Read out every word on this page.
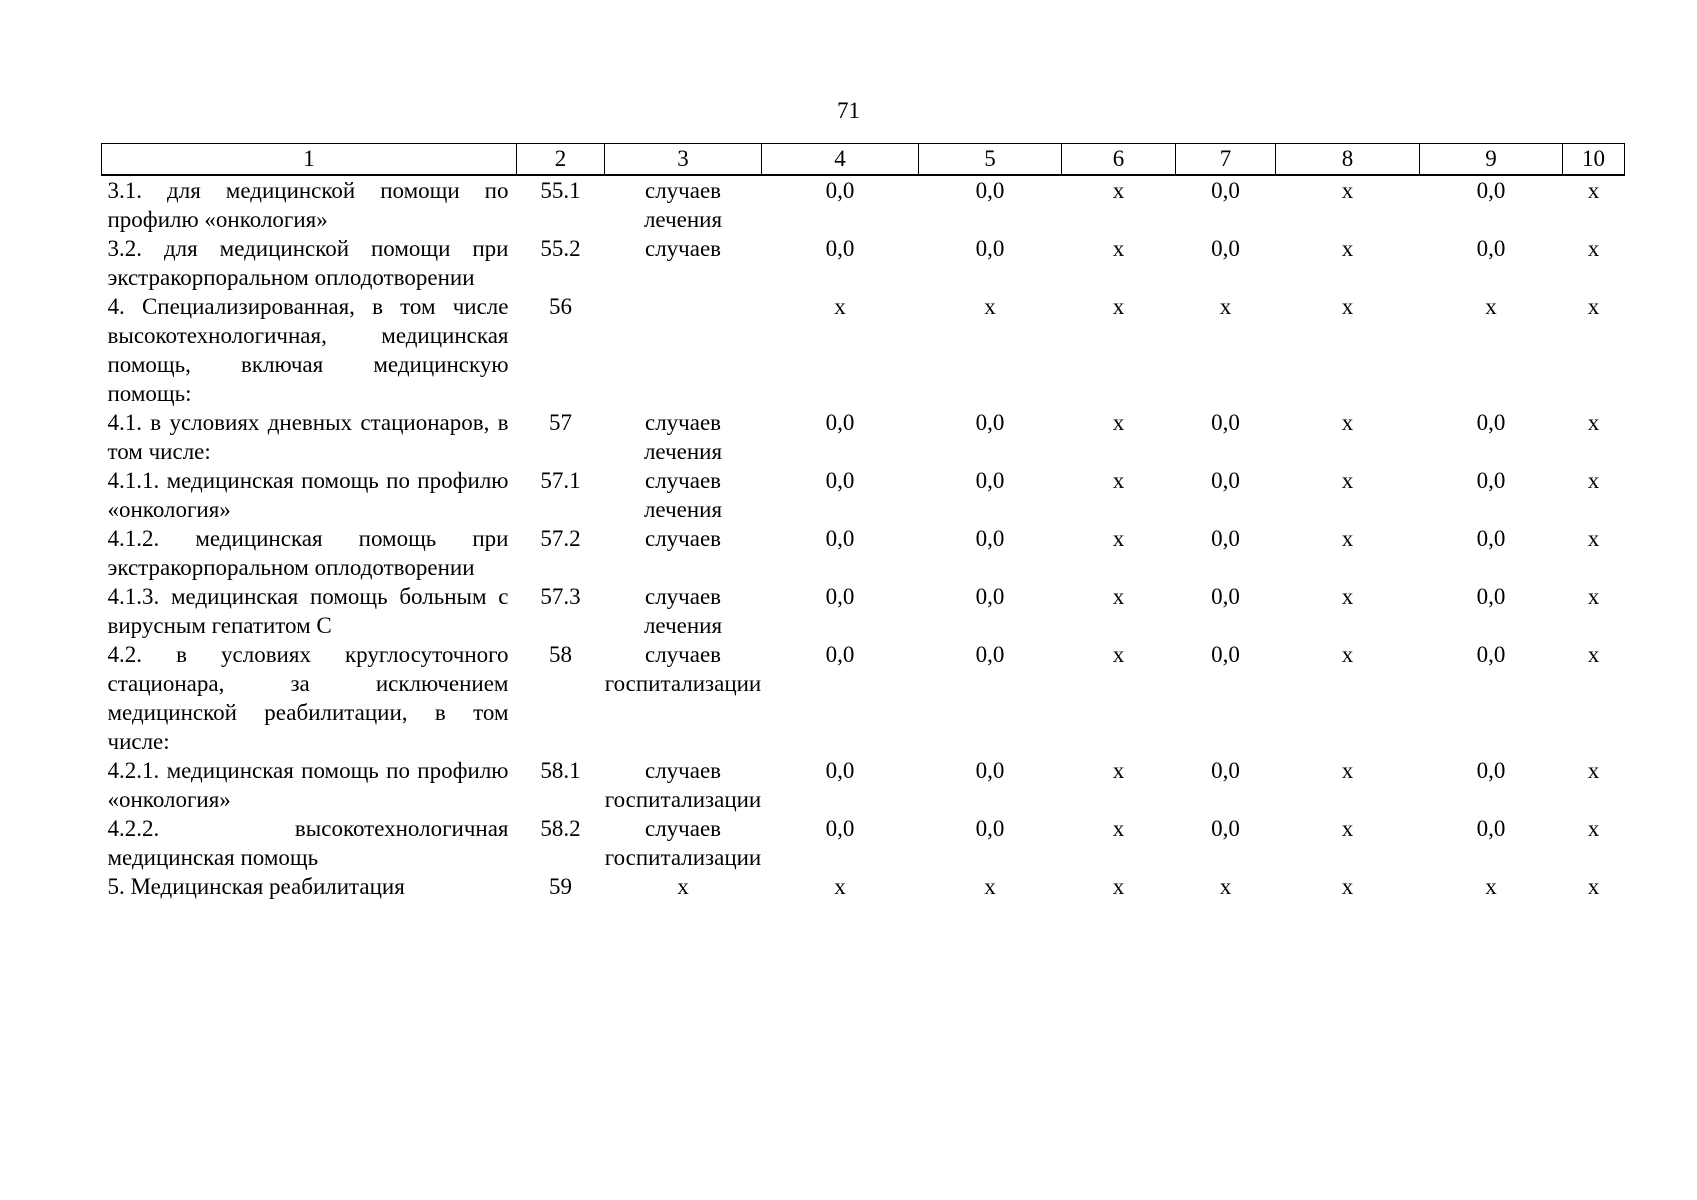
71
1	2	3	4	5	6	7	8	9	10
3.1. для медицинской помощи по профилю «онкология»	55.1	случаев лечения	0,0	0,0	х	0,0	х	0,0	х
3.2. для медицинской помощи при экстракорпоральном оплодотворении	55.2	случаев	0,0	0,0	х	0,0	х	0,0	х
4. Специализированная, в том числе высокотехнологичная, медицинская помощь, включая медицинскую помощь:	56		х	х	х	х	х	х	х
4.1. в условиях дневных стационаров, в том числе:	57	случаев лечения	0,0	0,0	х	0,0	х	0,0	х
4.1.1. медицинская помощь по профилю «онкология»	57.1	случаев лечения	0,0	0,0	х	0,0	х	0,0	х
4.1.2. медицинская помощь при экстракорпоральном оплодотворении	57.2	случаев	0,0	0,0	х	0,0	х	0,0	х
4.1.3. медицинская помощь больным с вирусным гепатитом С	57.3	случаев лечения	0,0	0,0	х	0,0	х	0,0	х
4.2. в условиях круглосуточного стационара, за исключением медицинской реабилитации, в том числе:	58	случаев госпитализации	0,0	0,0	х	0,0	х	0,0	х
4.2.1. медицинская помощь по профилю «онкология»	58.1	случаев госпитализации	0,0	0,0	х	0,0	х	0,0	х
4.2.2. высокотехнологичная медицинская помощь	58.2	случаев госпитализации	0,0	0,0	х	0,0	х	0,0	х
5. Медицинская реабилитация	59	х	х	х	х	х	х	х	х
